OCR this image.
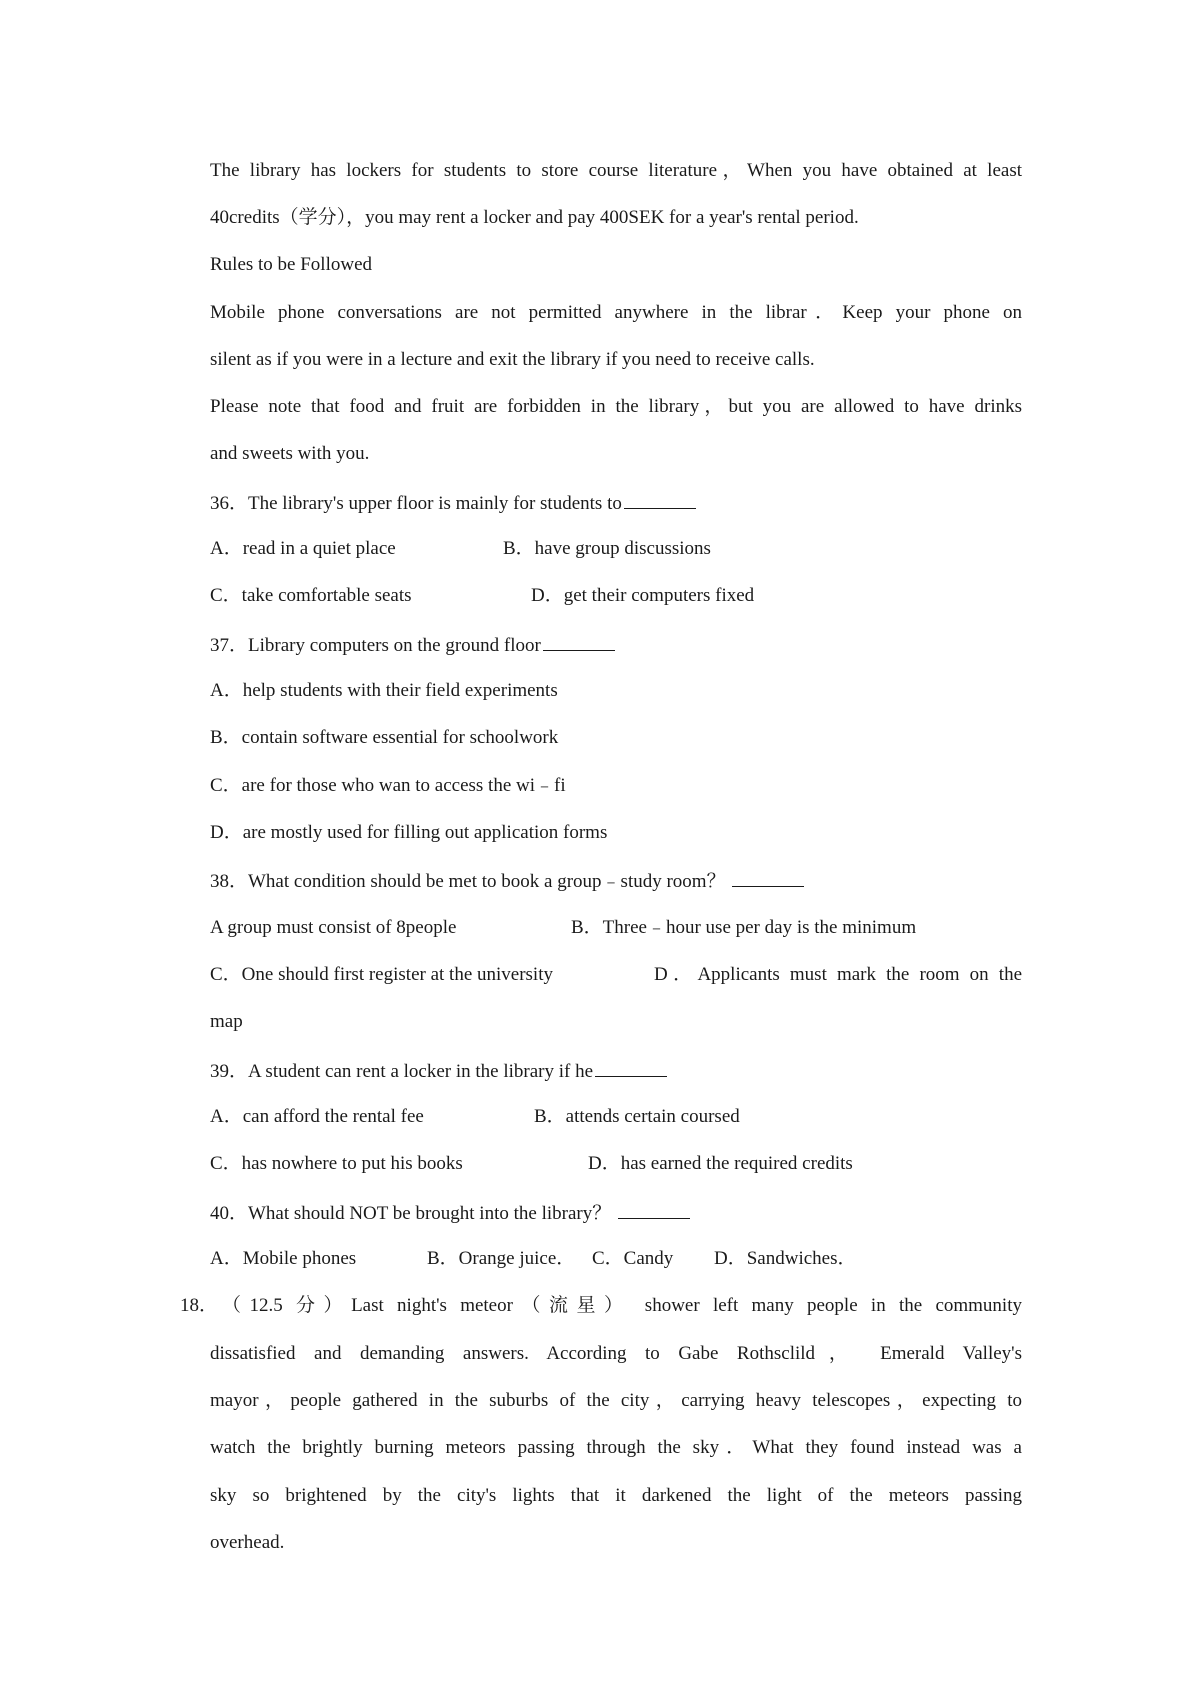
The library has lockers for students to store course literature，When you have obtained at least
40credits（学分），you may rent a locker and pay 400SEK for a year's rental period.
Rules to be Followed
Mobile phone conversations are not permitted anywhere in the librar．Keep your phone on
silent as if you were in a lecture and exit the library if you need to receive calls.
Please note that food and fruit are forbidden in the library，but you are allowed to have drinks
and sweets with you.
36．The library's upper floor is mainly for students to
A．read in a quiet place	B．have group discussions
C．take comfortable seats	D．get their computers fixed
37．Library computers on the ground floor
A．help students with their field experiments
B．contain software essential for schoolwork
C．are for those who wan to access the wi﹣fi
D．are mostly used for filling out application forms
38．What condition should be met to book a group﹣study room？
A group must consist of 8people	B．Three﹣hour use per day is the minimum
C．One should first register at the university	D．Applicants must mark the room on the
map
39．A student can rent a locker in the library if he
A．can afford the rental fee	B．attends certain coursed
C．has nowhere to put his books	D．has earned the required credits
40．What should NOT be brought into the library？
A．Mobile phones	B．Orange juice． C．Candy D．Sandwiches．
18． （12.5 分）Last night's meteor（流星） shower left many people in the community
dissatisfied and demanding answers. According to Gabe Rothsclild， Emerald Valley's
mayor，people gathered in the suburbs of the city，carrying heavy telescopes，expecting to
watch the brightly burning meteors passing through the sky．What they found instead was a
sky so brightened by the city's lights that it darkened the light of the meteors passing
overhead.
